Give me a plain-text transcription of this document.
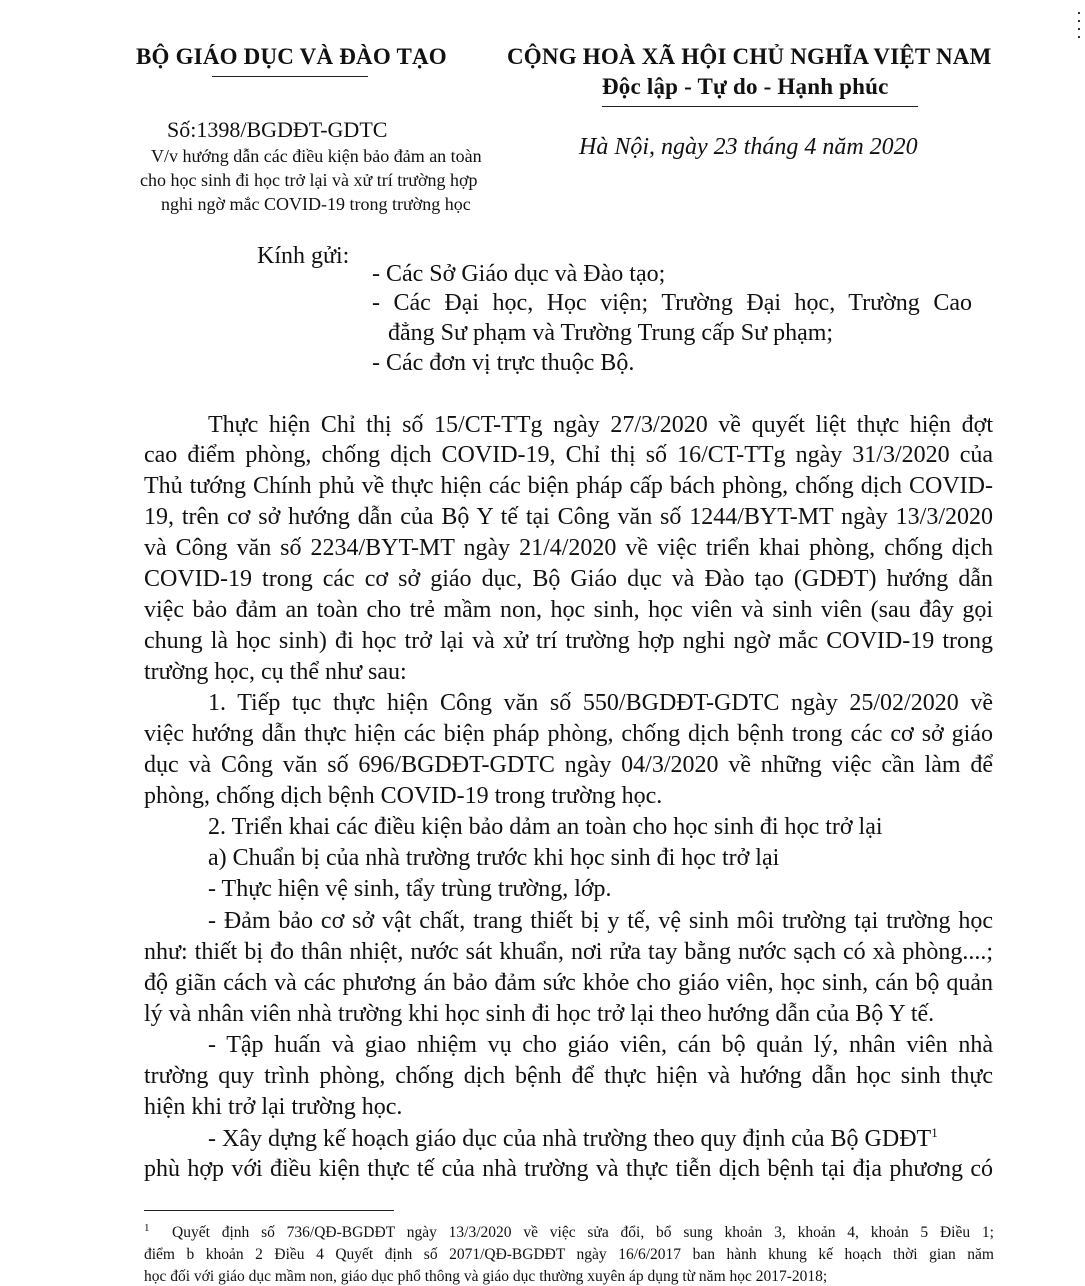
BỘ GIÁO DỤC VÀ ĐÀO TẠO	CỘNG HOÀ XÃ HỘI CHỦ NGHĨA VIỆT NAM
Độc lập - Tự do - Hạnh phúc
Số:1398/BGDĐT-GDTC
V/v hướng dẫn các điều kiện bảo đảm an toàn
cho học sinh đi học trở lại và xử trí trường hợp
nghi ngờ mắc COVID-19 trong trường học
Hà Nội, ngày 23 tháng 4 năm 2020
Kính gửi:
- Các Sở Giáo dục và Đào tạo;
- Các Đại học, Học viện; Trường Đại học, Trường Cao
đẳng Sư phạm và Trường Trung cấp Sư phạm;
- Các đơn vị trực thuộc Bộ.
Thực hiện Chỉ thị số 15/CT-TTg ngày 27/3/2020 về quyết liệt thực hiện đợt
cao điểm phòng, chống dịch COVID-19, Chỉ thị số 16/CT-TTg ngày 31/3/2020 của
Thủ tướng Chính phủ về thực hiện các biện pháp cấp bách phòng, chống dịch COVID-
19, trên cơ sở hướng dẫn của Bộ Y tế tại Công văn số 1244/BYT-MT ngày 13/3/2020
và Công văn số 2234/BYT-MT ngày 21/4/2020 về việc triển khai phòng, chống dịch
COVID-19 trong các cơ sở giáo dục, Bộ Giáo dục và Đào tạo (GDĐT) hướng dẫn
việc bảo đảm an toàn cho trẻ mầm non, học sinh, học viên và sinh viên (sau đây gọi
chung là học sinh) đi học trở lại và xử trí trường hợp nghi ngờ mắc COVID-19 trong
trường học, cụ thể như sau:
1. Tiếp tục thực hiện Công văn số 550/BGDĐT-GDTC ngày 25/02/2020 về
việc hướng dẫn thực hiện các biện pháp phòng, chống dịch bệnh trong các cơ sở giáo
dục và Công văn số 696/BGDĐT-GDTC ngày 04/3/2020 về những việc cần làm để
phòng, chống dịch bệnh COVID-19 trong trường học.
2. Triển khai các điều kiện bảo dảm an toàn cho học sinh đi học trở lại
a) Chuẩn bị của nhà trường trước khi học sinh đi học trở lại
- Thực hiện vệ sinh, tẩy trùng trường, lớp.
- Đảm bảo cơ sở vật chất, trang thiết bị y tế, vệ sinh môi trường tại trường học
như: thiết bị đo thân nhiệt, nước sát khuẩn, nơi rửa tay bằng nước sạch có xà phòng....;
độ giãn cách và các phương án bảo đảm sức khỏe cho giáo viên, học sinh, cán bộ quản
lý và nhân viên nhà trường khi học sinh đi học trở lại theo hướng dẫn của Bộ Y tế.
- Tập huấn và giao nhiệm vụ cho giáo viên, cán bộ quản lý, nhân viên nhà
trường quy trình phòng, chống dịch bệnh để thực hiện và hướng dẫn học sinh thực
hiện khi trở lại trường học.
- Xây dựng kế hoạch giáo dục của nhà trường theo quy định của Bộ GDĐT$^1$
phù hợp với điều kiện thực tế của nhà trường và thực tiễn dịch bệnh tại địa phương có
1 Quyết định số 736/QĐ-BGDĐT ngày 13/3/2020 về việc sửa đổi, bổ sung khoản 3, khoản 4, khoản 5 Điều 1;
điểm b khoản 2 Điều 4 Quyết định số 2071/QĐ-BGDĐT ngày 16/6/2017 ban hành khung kế hoạch thời gian năm
học đối với giáo dục mầm non, giáo dục phổ thông và giáo dục thường xuyên áp dụng từ năm học 2017-2018;
